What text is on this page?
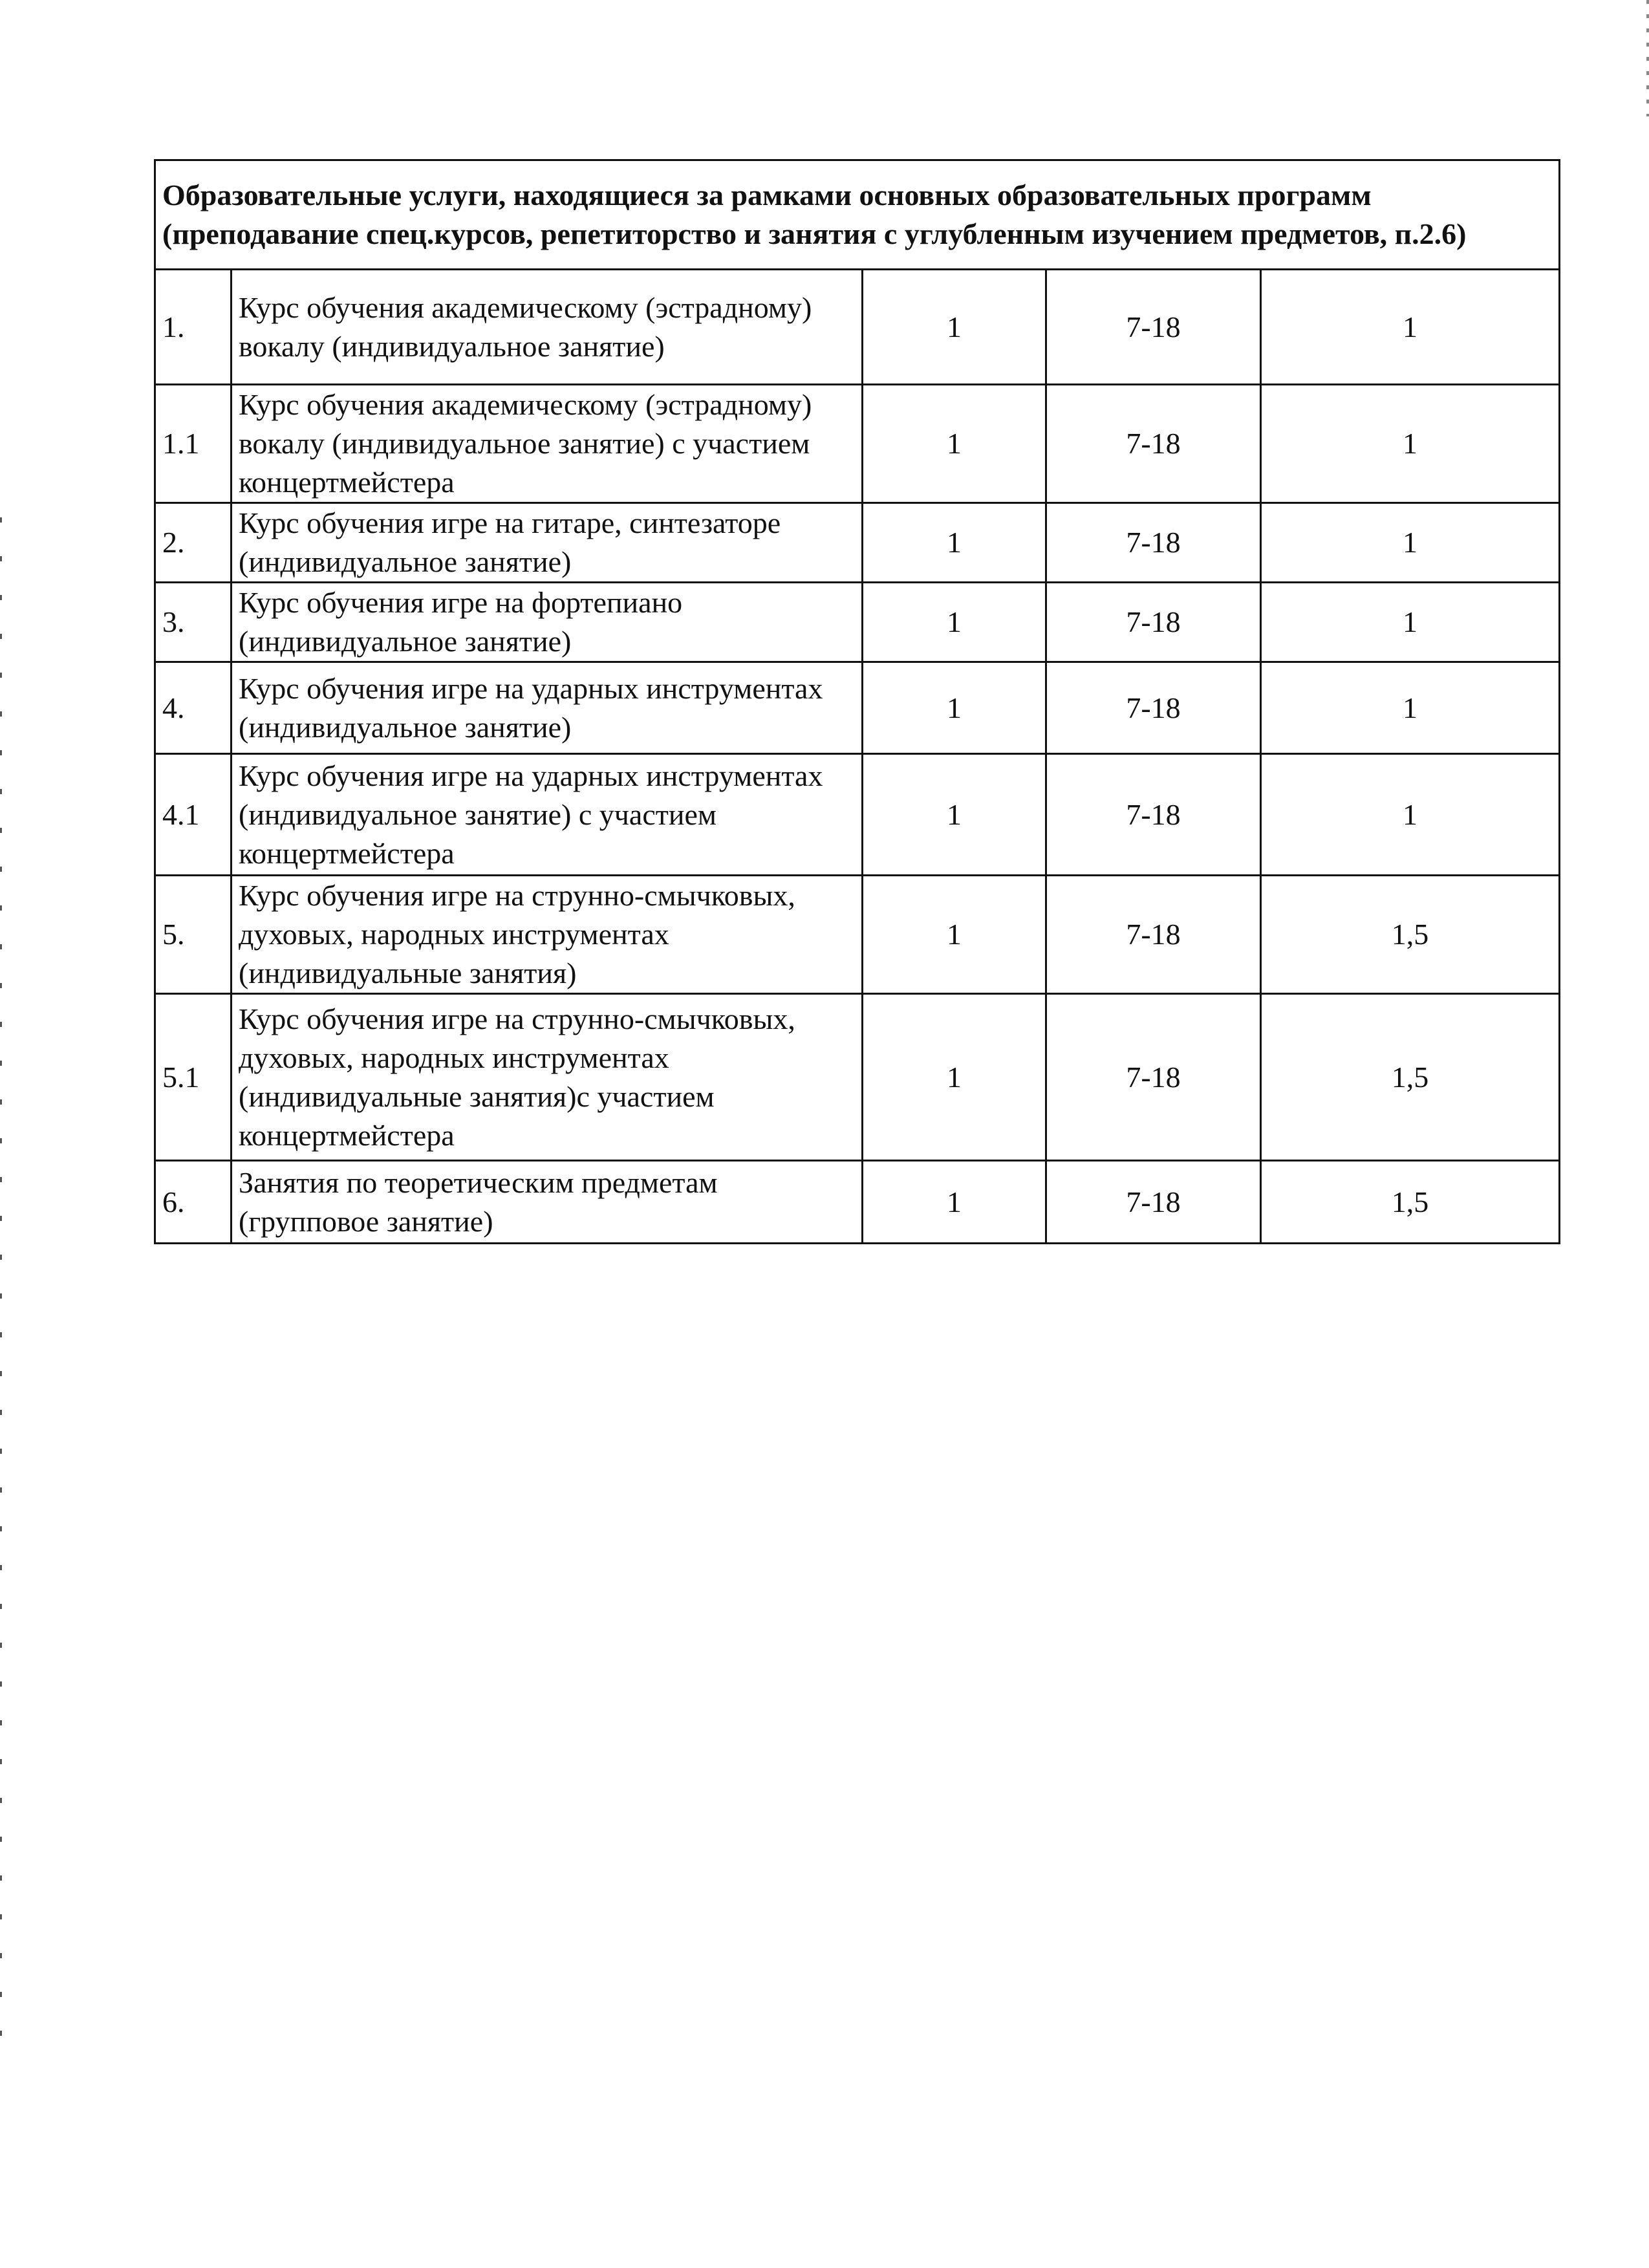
Образовательные услуги, находящиеся за рамками основных образовательных программ (преподавание спец.курсов, репетиторство и занятия с углубленным изучением предметов, п.2.6)				
1.	Курс обучения академическому (эстрадному) вокалу (индивидуальное занятие)	1	7-18	1
1.1	Курс обучения академическому (эстрадному) вокалу (индивидуальное занятие) с участием концертмейстера	1	7-18	1
2.	Курс обучения игре на гитаре, синтезаторе (индивидуальное занятие)	1	7-18	1
3.	Курс обучения игре на фортепиано (индивидуальное занятие)	1	7-18	1
4.	Курс обучения игре на ударных инструментах (индивидуальное занятие)	1	7-18	1
4.1	Курс обучения игре на ударных инструментах (индивидуальное занятие) с участием концертмейстера	1	7-18	1
5.	Курс обучения игре на струнно-смычковых, духовых, народных инструментах (индивидуальные занятия)	1	7-18	1,5
5.1	Курс обучения игре на струнно-смычковых, духовых, народных инструментах (индивидуальные занятия)с участием концертмейстера	1	7-18	1,5
6.	Занятия по теоретическим предметам (групповое занятие)	1	7-18	1,5
